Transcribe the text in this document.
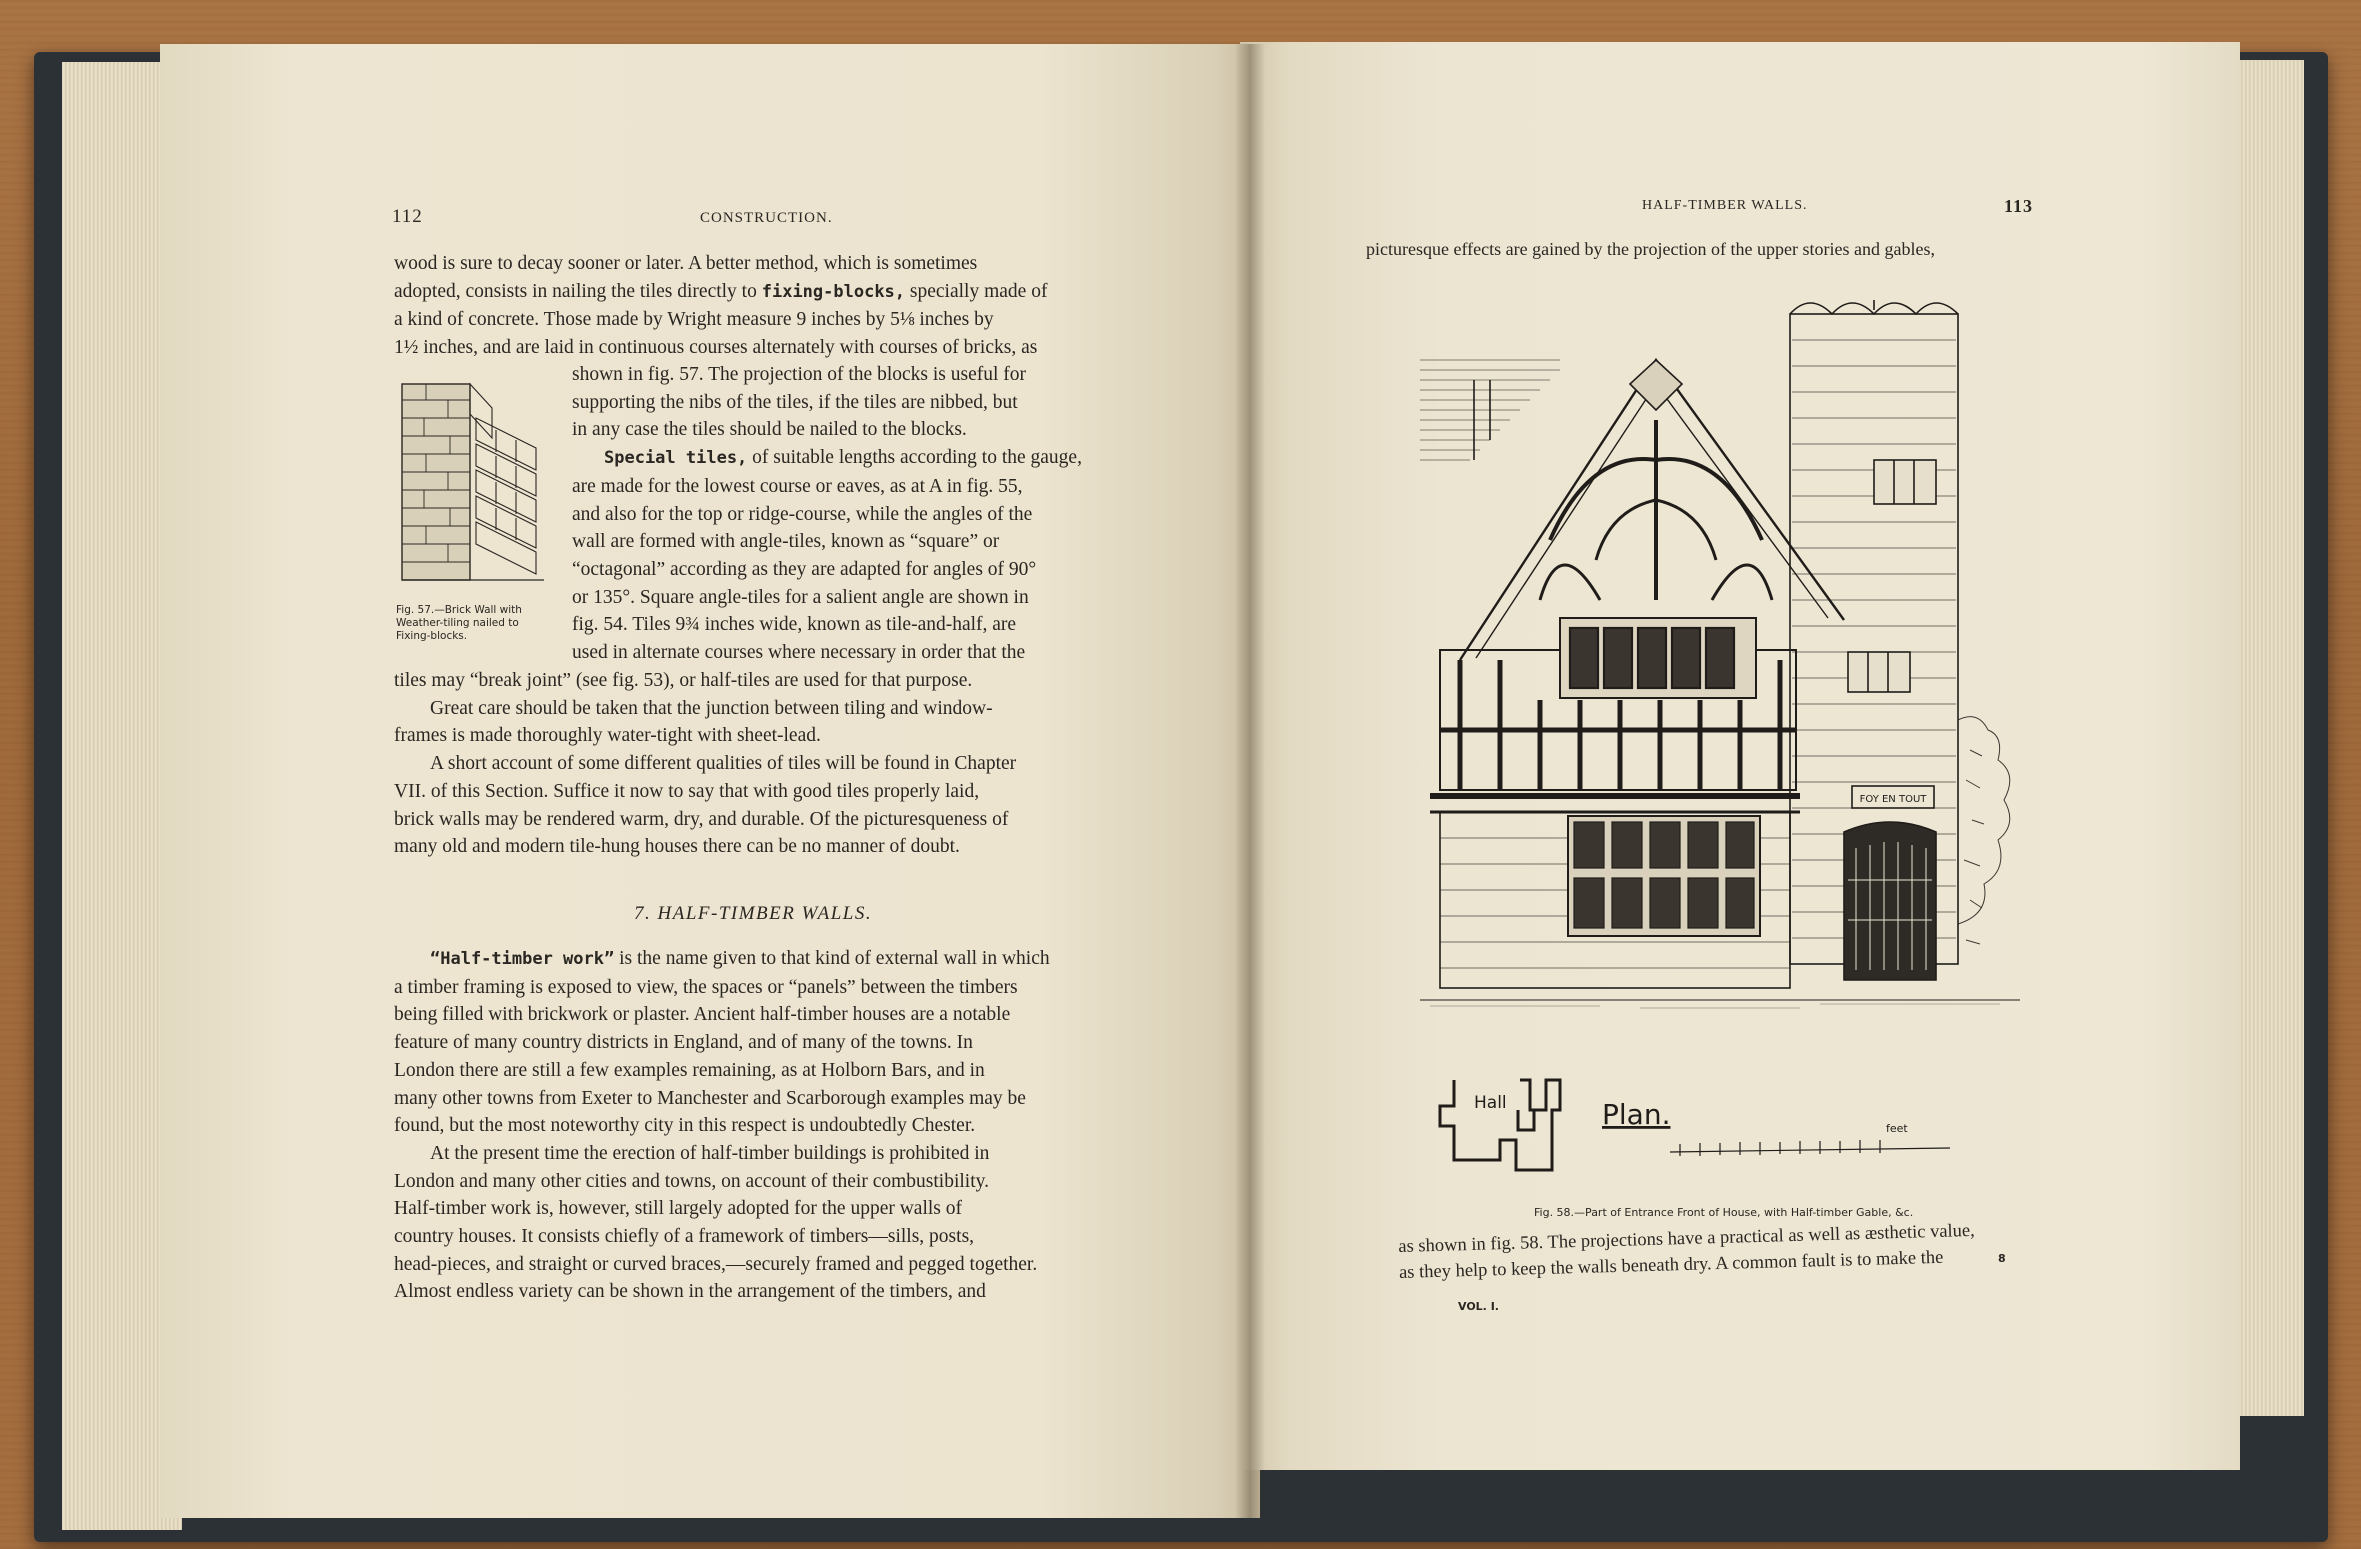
112	CONSTRUCTION.
wood is sure to decay sooner or later. A better method, which is sometimes
adopted, consists in nailing the tiles directly to fixing-blocks, specially made of
a kind of concrete. Those made by Wright measure 9 inches by 5⅛ inches by
1½ inches, and are laid in continuous courses alternately with courses of bricks, as
Fig. 57.—Brick Wall with Weather-tiling nailed to Fixing-blocks.
shown in fig. 57. The projection of the blocks is useful for
supporting the nibs of the tiles, if the tiles are nibbed, but
in any case the tiles should be nailed to the blocks.
Special tiles, of suitable lengths according to the gauge,
are made for the lowest course or eaves, as at A in fig. 55,
and also for the top or ridge-course, while the angles of the
wall are formed with angle-tiles, known as “square” or
“octagonal” according as they are adapted for angles of 90°
or 135°. Square angle-tiles for a salient angle are shown in
fig. 54. Tiles 9¾ inches wide, known as tile-and-half, are
used in alternate courses where necessary in order that the
tiles may “break joint” (see fig. 53), or half-tiles are used for that purpose.
Great care should be taken that the junction between tiling and window-
frames is made thoroughly water-tight with sheet-lead.
A short account of some different qualities of tiles will be found in Chapter
VII. of this Section. Suffice it now to say that with good tiles properly laid,
brick walls may be rendered warm, dry, and durable. Of the picturesqueness of
many old and modern tile-hung houses there can be no manner of doubt.
7. HALF-TIMBER WALLS.
“Half-timber work” is the name given to that kind of external wall in which
a timber framing is exposed to view, the spaces or “panels” between the timbers
being filled with brickwork or plaster. Ancient half-timber houses are a notable
feature of many country districts in England, and of many of the towns. In
London there are still a few examples remaining, as at Holborn Bars, and in
many other towns from Exeter to Manchester and Scarborough examples may be
found, but the most noteworthy city in this respect is undoubtedly Chester.
At the present time the erection of half-timber buildings is prohibited in
London and many other cities and towns, on account of their combustibility.
Half-timber work is, however, still largely adopted for the upper walls of
country houses. It consists chiefly of a framework of timbers—sills, posts,
head-pieces, and straight or curved braces,—securely framed and pegged together.
Almost endless variety can be shown in the arrangement of the timbers, and
HALF-TIMBER WALLS.	113
picturesque effects are gained by the projection of the upper stories and gables,
FOY EN TOUT
Hall	Plan.	feet
Fig. 58.—Part of Entrance Front of House, with Half-timber Gable, &c.
as shown in fig. 58. The projections have a practical as well as æsthetic value,
as they help to keep the walls beneath dry. A common fault is to make the
VOL. I.
8
